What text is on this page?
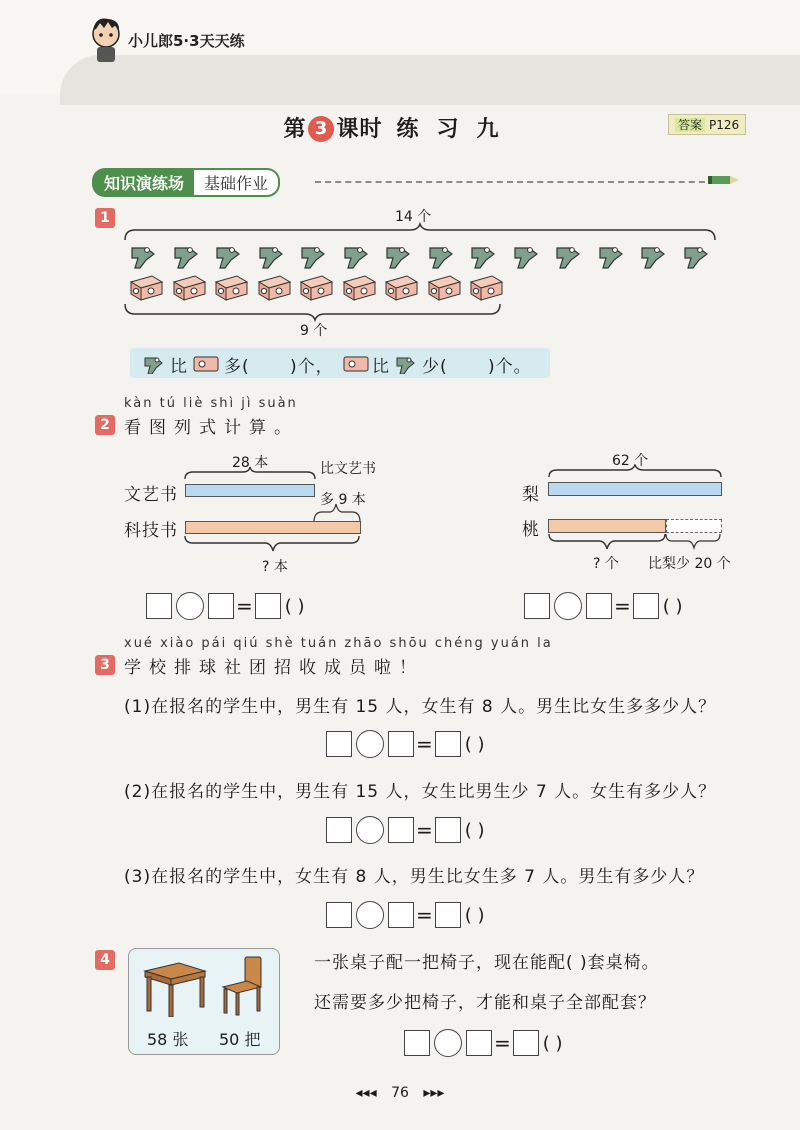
小儿郎5·3天天练
第 3 课时 练习九	答案 P126
知识演练场 基础作业
1	14 个
9 个
比 多( )个， 比 少( )个。
kàn tú liè shì jì suàn
2 看图列式计算。
28 本	比文艺书
文艺书	多 9 本
科技书
? 本
= ( )
62 个
梨
桃
? 个 比梨少 20 个
= ( )
xué xiào pái qiú shè tuán zhāo shōu chéng yuán la
3 学校排球社团招收成员啦！
(1)在报名的学生中，男生有 15 人，女生有 8 人。男生比女生多多少人？
= ( )
(2)在报名的学生中，男生有 15 人，女生比男生少 7 人。女生有多少人？
= ( )
(3)在报名的学生中，女生有 8 人，男生比女生多 7 人。男生有多少人？
= ( )
4
58 张 50 把
一张桌子配一把椅子，现在能配( )套桌椅。
还需要多少把椅子，才能和桌子全部配套？
= ( )
◂◂◂ 76 ▸▸▸
